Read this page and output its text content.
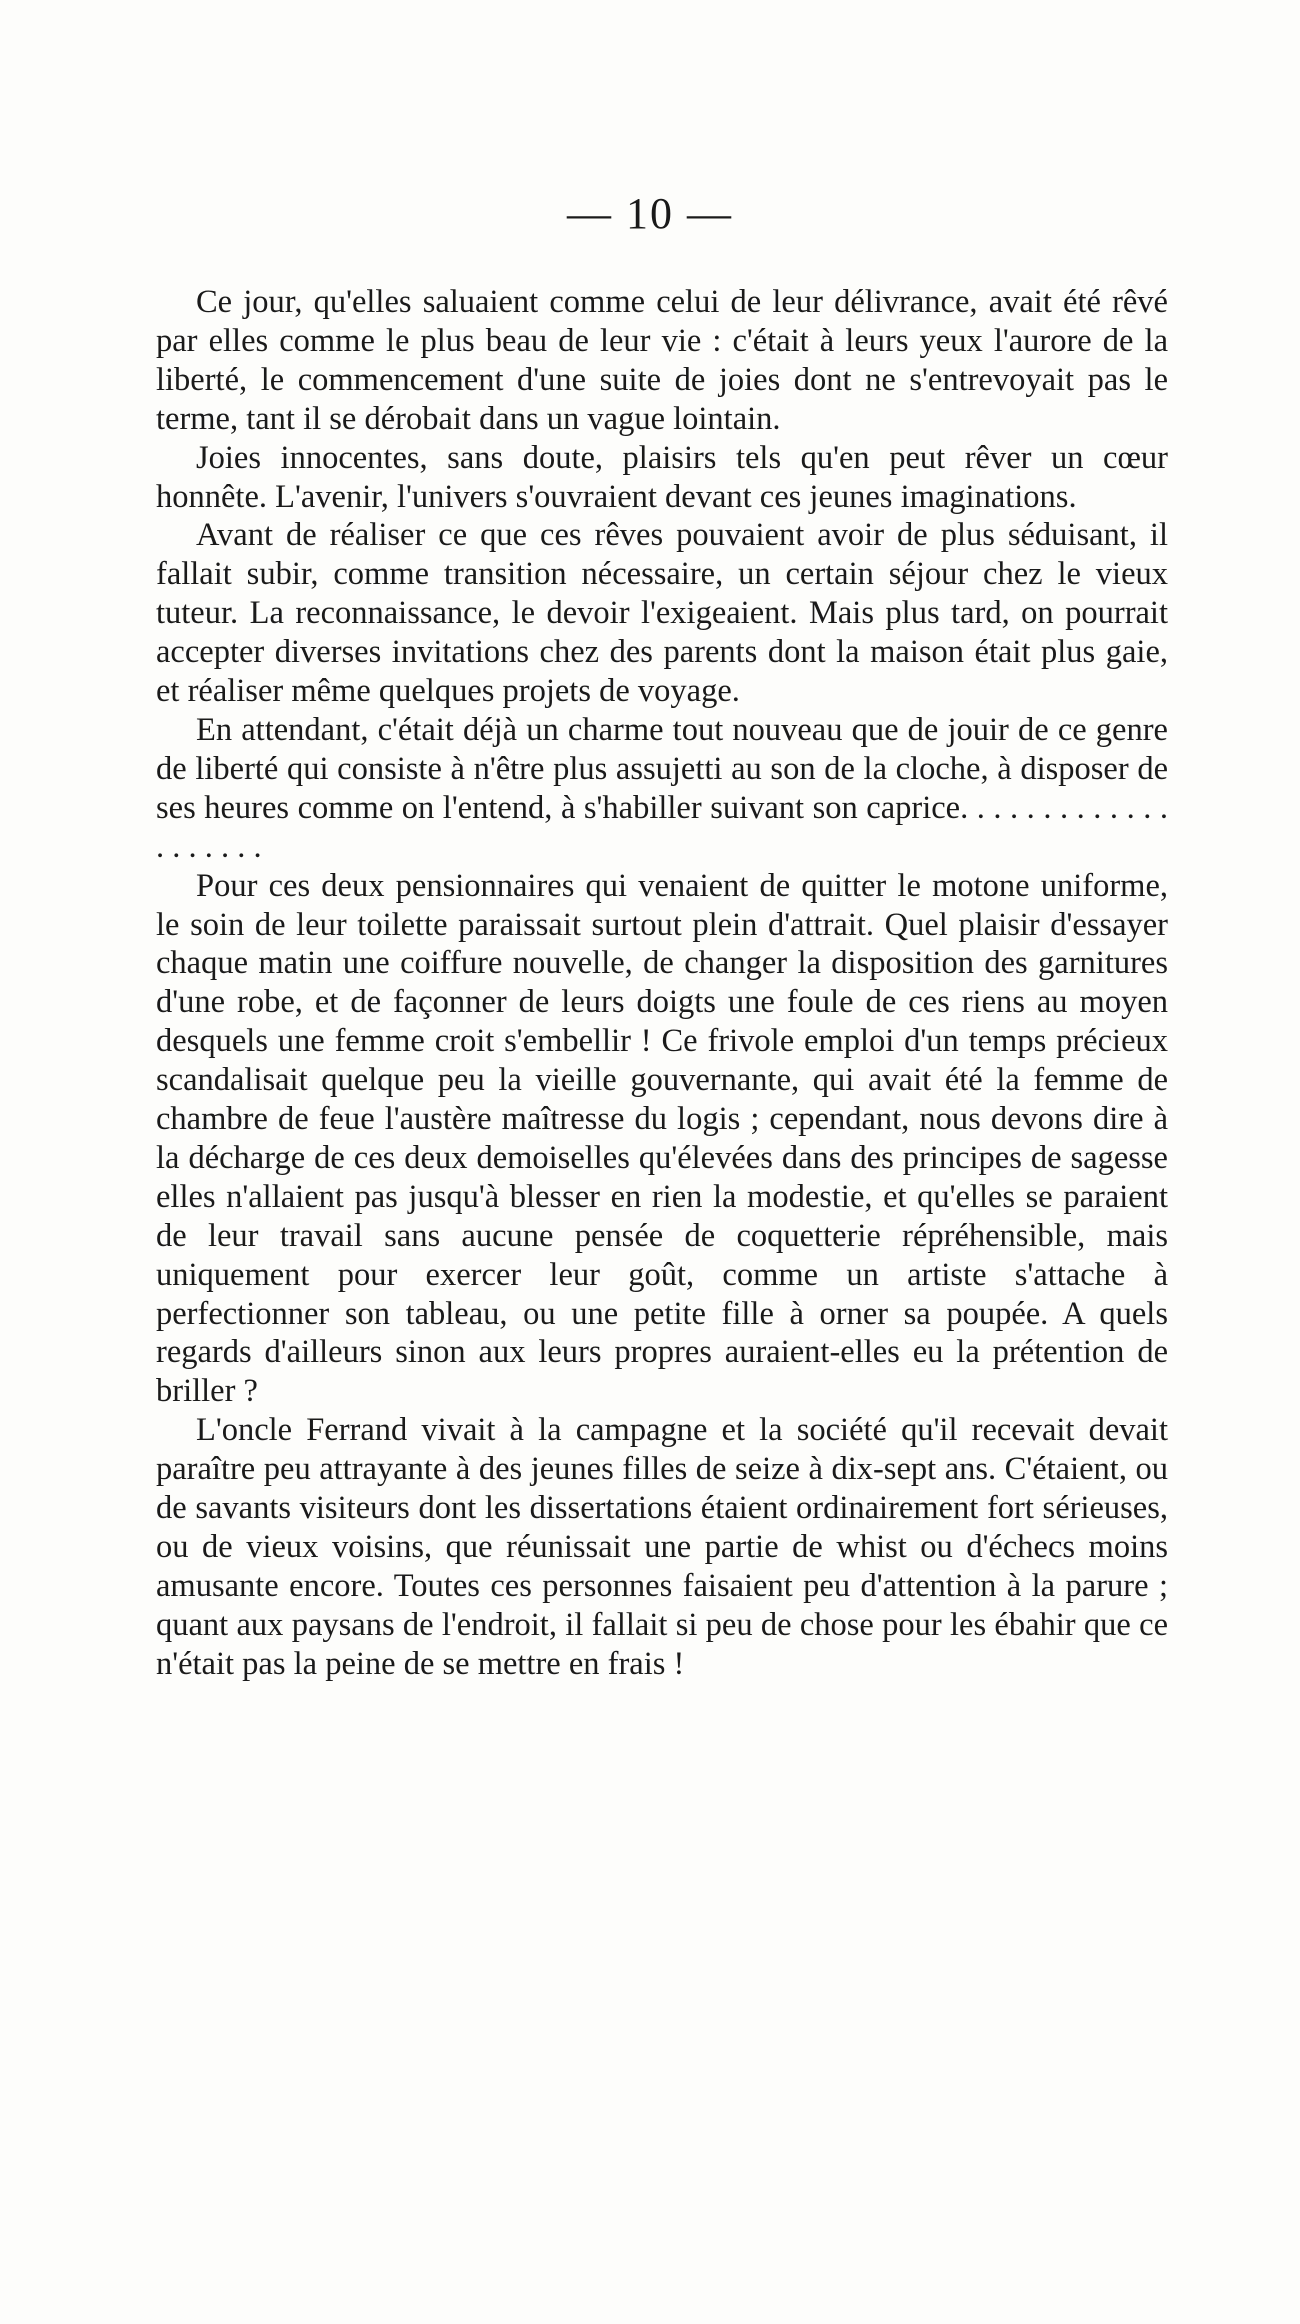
— 10 —

Ce jour, qu'elles saluaient comme celui de leur délivrance, avait été rêvé par elles comme le plus beau de leur vie : c'était à leurs yeux l'aurore de la liberté, le commencement d'une suite de joies dont ne s'entrevoyait pas le terme, tant il se dérobait dans un vague lointain.

Joies innocentes, sans doute, plaisirs tels qu'en peut rêver un cœur honnête. L'avenir, l'univers s'ouvraient devant ces jeunes imaginations.

Avant de réaliser ce que ces rêves pouvaient avoir de plus séduisant, il fallait subir, comme transition nécessaire, un certain séjour chez le vieux tuteur. La reconnaissance, le devoir l'exigeaient. Mais plus tard, on pourrait accepter diverses invitations chez des parents dont la maison était plus gaie, et réaliser même quelques projets de voyage.

En attendant, c'était déjà un charme tout nouveau que de jouir de ce genre de liberté qui consiste à n'être plus assujetti au son de la cloche, à disposer de ses heures comme on l'entend, à s'habiller suivant son caprice. . . . . . . . . . . . . . . . . . . .

Pour ces deux pensionnaires qui venaient de quitter le motone uniforme, le soin de leur toilette paraissait surtout plein d'attrait. Quel plaisir d'essayer chaque matin une coiffure nouvelle, de changer la disposition des garnitures d'une robe, et de façonner de leurs doigts une foule de ces riens au moyen desquels une femme croit s'embellir ! Ce frivole emploi d'un temps précieux scandalisait quelque peu la vieille gouvernante, qui avait été la femme de chambre de feue l'austère maîtresse du logis ; cependant, nous devons dire à la décharge de ces deux demoiselles qu'élevées dans des principes de sagesse elles n'allaient pas jusqu'à blesser en rien la modestie, et qu'elles se paraient de leur travail sans aucune pensée de coquetterie répréhensible, mais uniquement pour exercer leur goût, comme un artiste s'attache à perfectionner son tableau, ou une petite fille à orner sa poupée. A quels regards d'ailleurs sinon aux leurs propres auraient-elles eu la prétention de briller ?

L'oncle Ferrand vivait à la campagne et la société qu'il recevait devait paraître peu attrayante à des jeunes filles de seize à dix-sept ans. C'étaient, ou de savants visiteurs dont les dissertations étaient ordinairement fort sérieuses, ou de vieux voisins, que réunissait une partie de whist ou d'échecs moins amusante encore. Toutes ces personnes faisaient peu d'attention à la parure ; quant aux paysans de l'endroit, il fallait si peu de chose pour les ébahir que ce n'était pas la peine de se mettre en frais !
